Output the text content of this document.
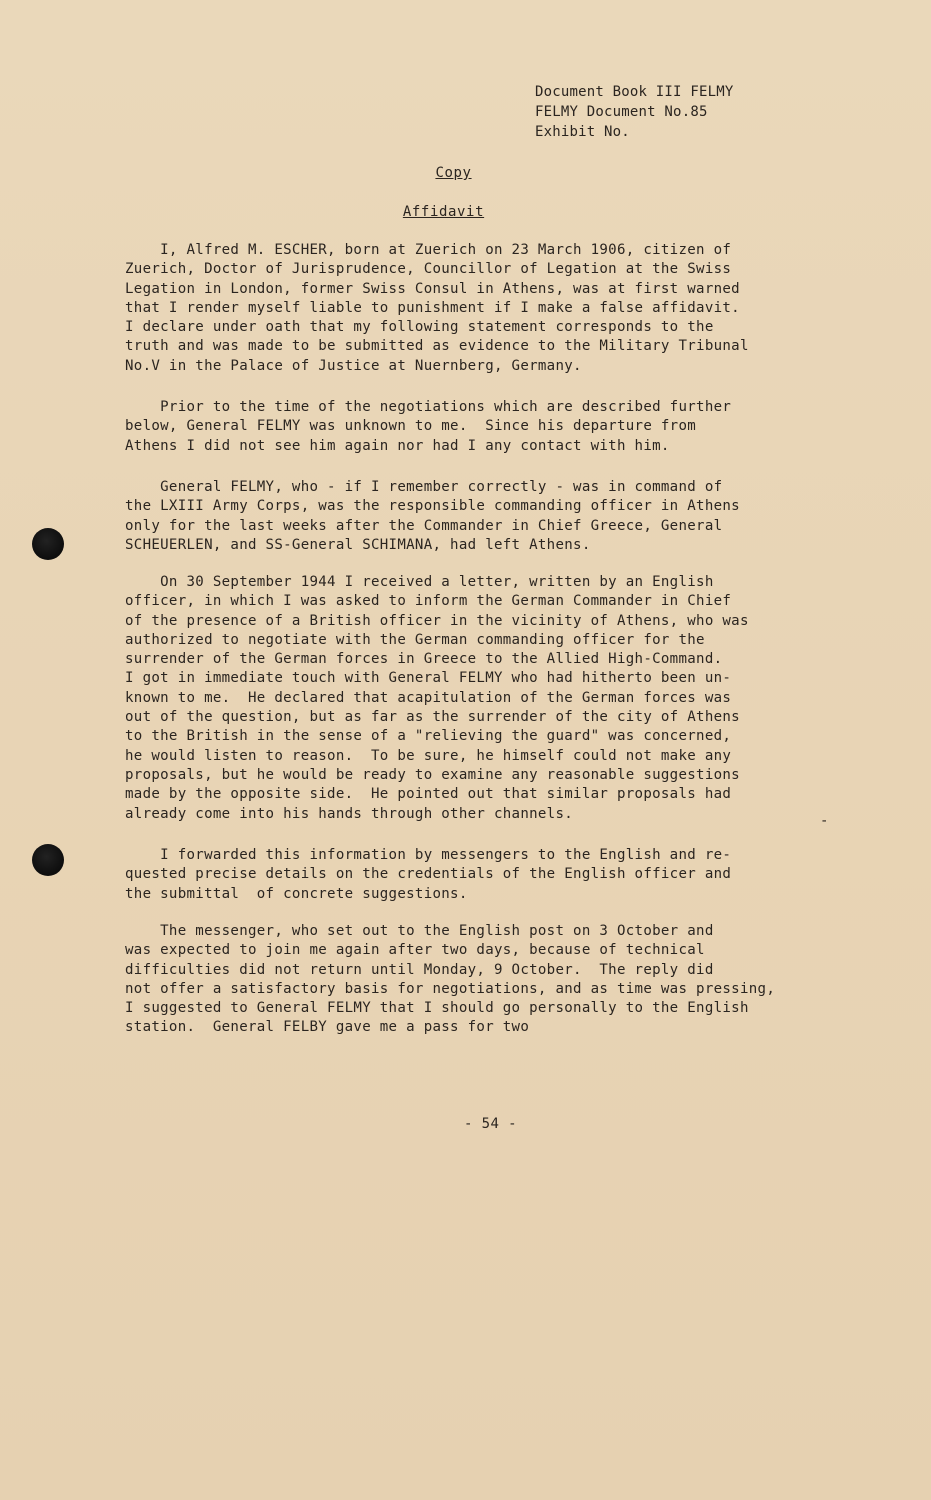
Document Book III FELMY
FELMY Document No.85
Exhibit No.
Copy
Affidavit
I, Alfred M. ESCHER, born at Zuerich on 23 March 1906, citizen of
Zuerich, Doctor of Jurisprudence, Councillor of Legation at the Swiss
Legation in London, former Swiss Consul in Athens, was at first warned
that I render myself liable to punishment if I make a false affidavit.
I declare under oath that my following statement corresponds to the
truth and was made to be submitted as evidence to the Military Tribunal
No.V in the Palace of Justice at Nuernberg, Germany.
Prior to the time of the negotiations which are described further
below, General FELMY was unknown to me.  Since his departure from
Athens I did not see him again nor had I any contact with him.
General FELMY, who - if I remember correctly - was in command of
the LXIII Army Corps, was the responsible commanding officer in Athens
only for the last weeks after the Commander in Chief Greece, General
SCHEUERLEN, and SS-General SCHIMANA, had left Athens.
On 30 September 1944 I received a letter, written by an English
officer, in which I was asked to inform the German Commander in Chief
of the presence of a British officer in the vicinity of Athens, who was
authorized to negotiate with the German commanding officer for the
surrender of the German forces in Greece to the Allied High-Command.
I got in immediate touch with General FELMY who had hitherto been un-
known to me.  He declared that acapitulation of the German forces was
out of the question, but as far as the surrender of the city of Athens
to the British in the sense of a "relieving the guard" was concerned,
he would listen to reason.  To be sure, he himself could not make any
proposals, but he would be ready to examine any reasonable suggestions
made by the opposite side.  He pointed out that similar proposals had
already come into his hands through other channels.
I forwarded this information by messengers to the English and re-
quested precise details on the credentials of the English officer and
the submittal  of concrete suggestions.
The messenger, who set out to the English post on 3 October and
was expected to join me again after two days, because of technical
difficulties did not return until Monday, 9 October.  The reply did
not offer a satisfactory basis for negotiations, and as time was pressing,
I suggested to General FELMY that I should go personally to the English
station.  General FELBY gave me a pass for two
-
- 54 -
